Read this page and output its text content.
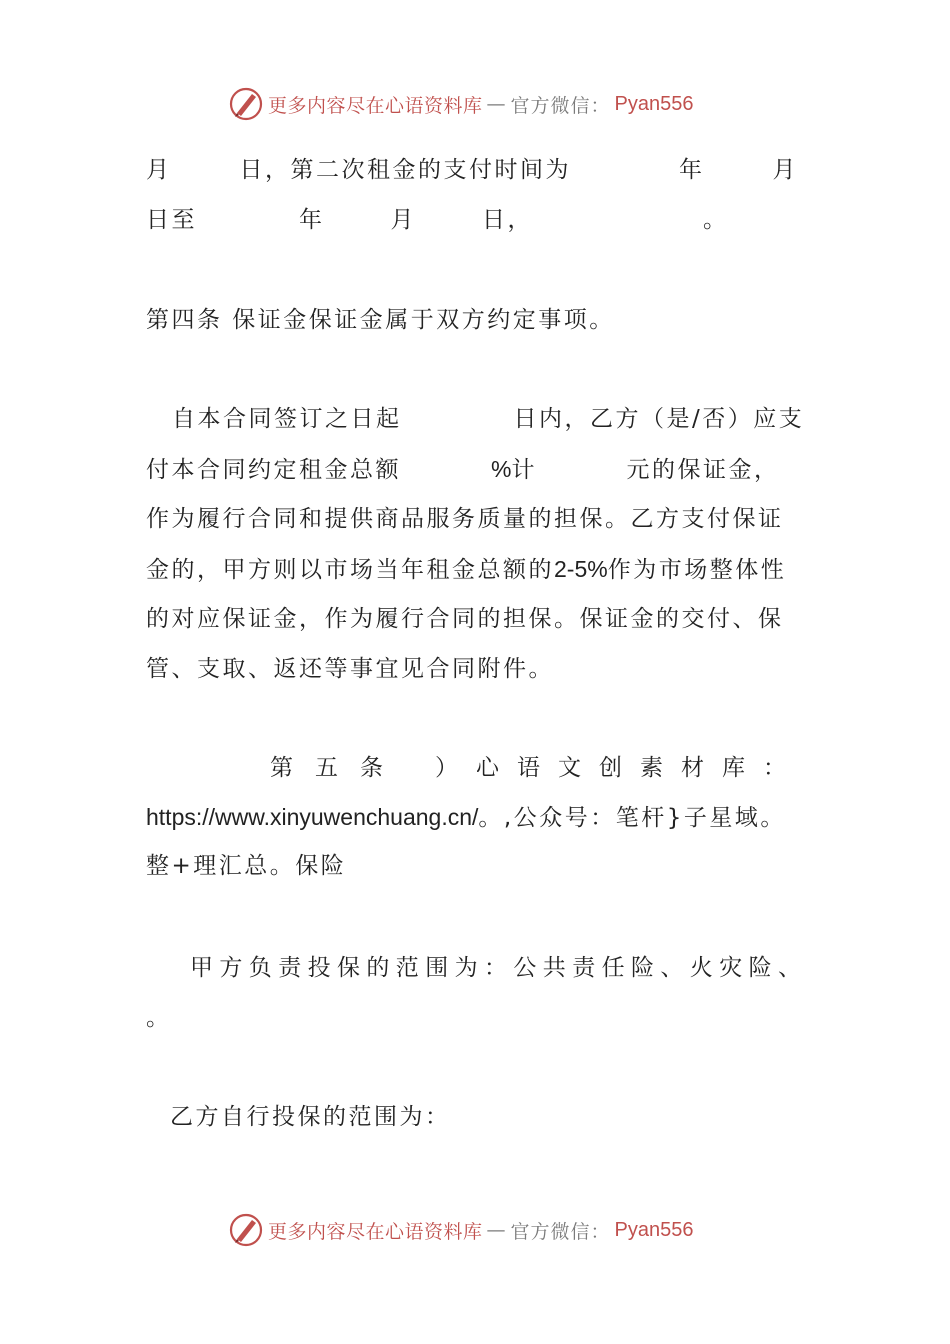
更多内容尽在心语资料库 — 官方微信： Pyan556
月	日，第二次租金的支付时间为	年	月
日至	年	月	日，	。
第四条 保证金保证金属于双方约定事项。
自本合同签订之日起	日内，乙方（是/否）应支
付本合同约定租金总额	%计	元的保证金，
作为履行合同和提供商品服务质量的担保。乙方支付保证
金的，甲方则以市场当年租金总额的2-5%作为市场整体性
的对应保证金，作为履行合同的担保。保证金的交付、保
管、支取、返还等事宜见合同附件。
第五条 ）心语文创素材库：
https://www.xinyuwenchuang.cn/。,公众号：笔杆}子星域。
整+理汇总。保险
甲方负责投保的范围为：公共责任险、火灾险、
。
乙方自行投保的范围为：
更多内容尽在心语资料库 — 官方微信： Pyan556
